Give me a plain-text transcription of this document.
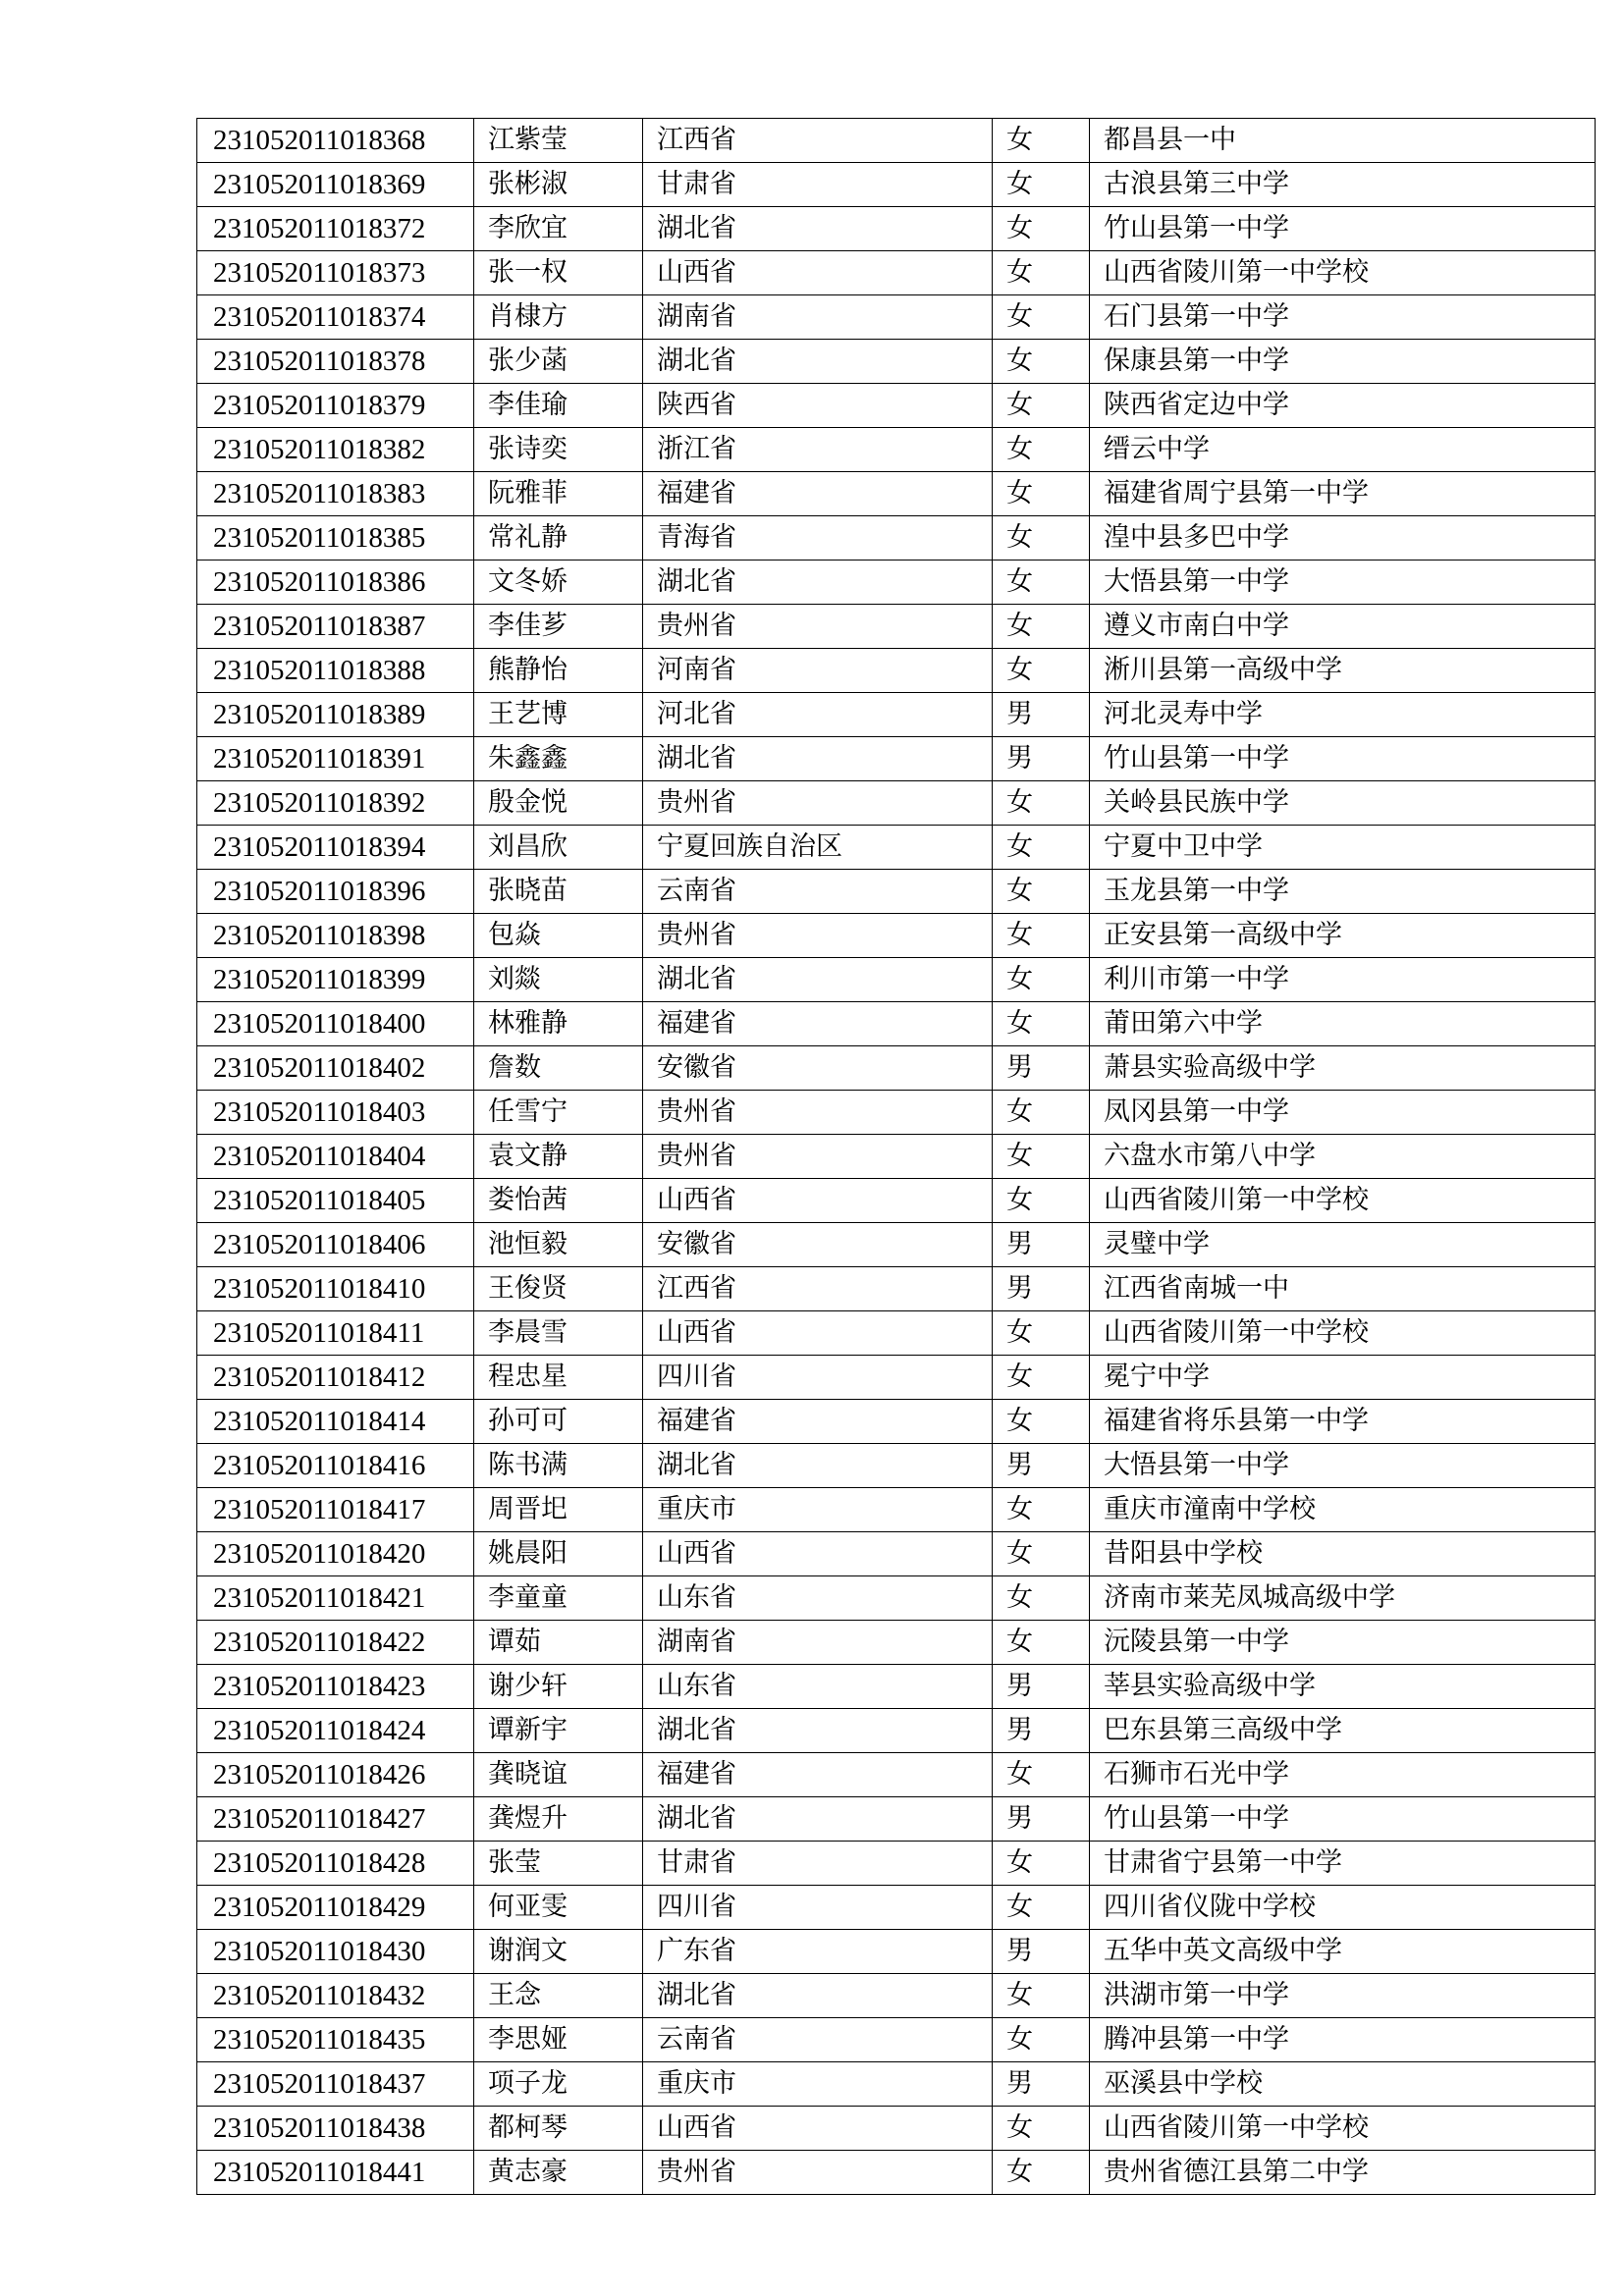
231052011018368	江紫莹	江西省	女	都昌县一中
231052011018369	张彬淑	甘肃省	女	古浪县第三中学
231052011018372	李欣宜	湖北省	女	竹山县第一中学
231052011018373	张一权	山西省	女	山西省陵川第一中学校
231052011018374	肖棣方	湖南省	女	石门县第一中学
231052011018378	张少菡	湖北省	女	保康县第一中学
231052011018379	李佳瑜	陕西省	女	陕西省定边中学
231052011018382	张诗奕	浙江省	女	缙云中学
231052011018383	阮雅菲	福建省	女	福建省周宁县第一中学
231052011018385	常礼静	青海省	女	湟中县多巴中学
231052011018386	文冬娇	湖北省	女	大悟县第一中学
231052011018387	李佳芗	贵州省	女	遵义市南白中学
231052011018388	熊静怡	河南省	女	淅川县第一高级中学
231052011018389	王艺博	河北省	男	河北灵寿中学
231052011018391	朱鑫鑫	湖北省	男	竹山县第一中学
231052011018392	殷金悦	贵州省	女	关岭县民族中学
231052011018394	刘昌欣	宁夏回族自治区	女	宁夏中卫中学
231052011018396	张晓苗	云南省	女	玉龙县第一中学
231052011018398	包焱	贵州省	女	正安县第一高级中学
231052011018399	刘燚	湖北省	女	利川市第一中学
231052011018400	林雅静	福建省	女	莆田第六中学
231052011018402	詹数	安徽省	男	萧县实验高级中学
231052011018403	任雪宁	贵州省	女	凤冈县第一中学
231052011018404	袁文静	贵州省	女	六盘水市第八中学
231052011018405	娄怡茜	山西省	女	山西省陵川第一中学校
231052011018406	池恒毅	安徽省	男	灵璧中学
231052011018410	王俊贤	江西省	男	江西省南城一中
231052011018411	李晨雪	山西省	女	山西省陵川第一中学校
231052011018412	程忠星	四川省	女	冕宁中学
231052011018414	孙可可	福建省	女	福建省将乐县第一中学
231052011018416	陈书满	湖北省	男	大悟县第一中学
231052011018417	周晋圯	重庆市	女	重庆市潼南中学校
231052011018420	姚晨阳	山西省	女	昔阳县中学校
231052011018421	李童童	山东省	女	济南市莱芜凤城高级中学
231052011018422	谭茹	湖南省	女	沅陵县第一中学
231052011018423	谢少轩	山东省	男	莘县实验高级中学
231052011018424	谭新宇	湖北省	男	巴东县第三高级中学
231052011018426	龚晓谊	福建省	女	石狮市石光中学
231052011018427	龚煜升	湖北省	男	竹山县第一中学
231052011018428	张莹	甘肃省	女	甘肃省宁县第一中学
231052011018429	何亚雯	四川省	女	四川省仪陇中学校
231052011018430	谢润文	广东省	男	五华中英文高级中学
231052011018432	王念	湖北省	女	洪湖市第一中学
231052011018435	李思娅	云南省	女	腾冲县第一中学
231052011018437	项子龙	重庆市	男	巫溪县中学校
231052011018438	都柯琴	山西省	女	山西省陵川第一中学校
231052011018441	黄志豪	贵州省	女	贵州省德江县第二中学
